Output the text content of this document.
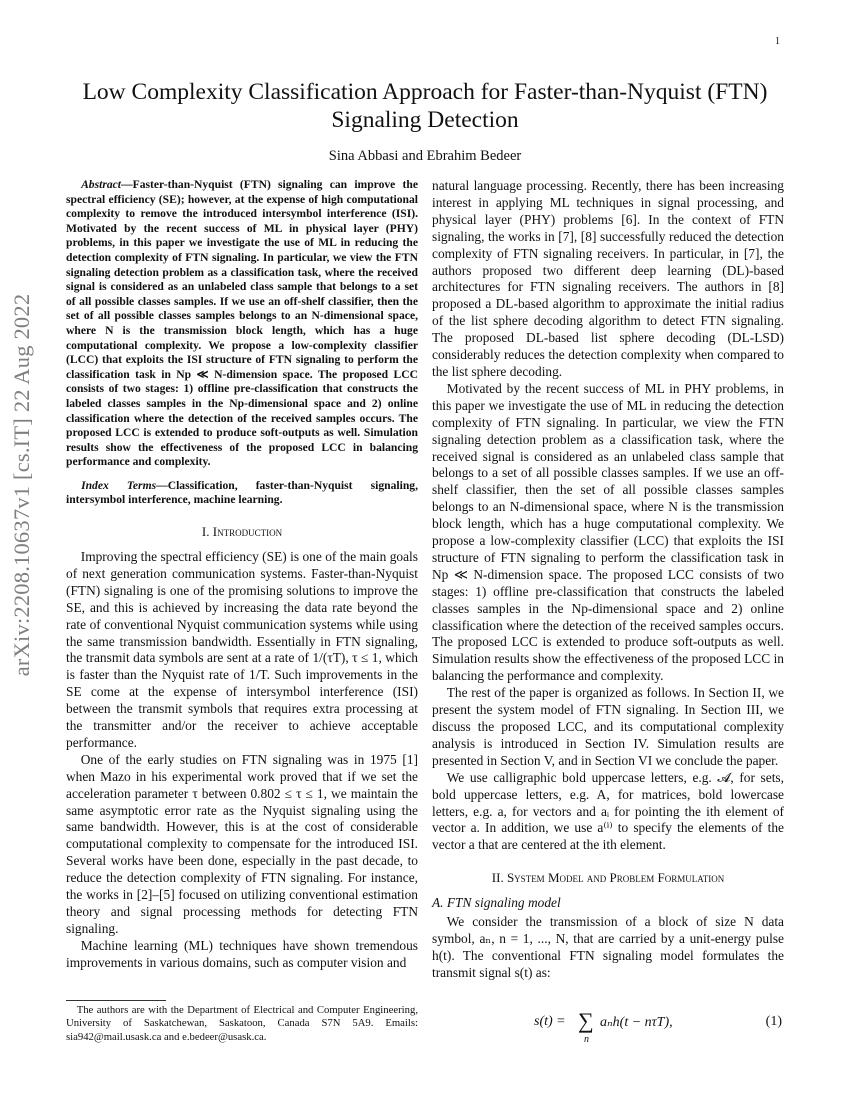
1
arXiv:2208.10637v1 [cs.IT] 22 Aug 2022
Low Complexity Classification Approach for Faster-than-Nyquist (FTN)
Signaling Detection
Sina Abbasi and Ebrahim Bedeer

Abstract—Faster-than-Nyquist (FTN) signaling can improve the spectral efficiency (SE); however, at the expense of high computational complexity to remove the introduced intersymbol interference (ISI). Motivated by the recent success of ML in physical layer (PHY) problems, in this paper we investigate the use of ML in reducing the detection complexity of FTN signaling. In particular, we view the FTN signaling detection problem as a classification task, where the received signal is considered as an unlabeled class sample that belongs to a set of all possible classes samples. If we use an off-shelf classifier, then the set of all possible classes samples belongs to an N-dimensional space, where N is the transmission block length, which has a huge computational complexity. We propose a low-complexity classifier (LCC) that exploits the ISI structure of FTN signaling to perform the classification task in Np ≪ N-dimension space. The proposed LCC consists of two stages: 1) offline pre-classification that constructs the labeled classes samples in the Np-dimensional space and 2) online classification where the detection of the received samples occurs. The proposed LCC is extended to produce soft-outputs as well. Simulation results show the effectiveness of the proposed LCC in balancing performance and complexity.

Index Terms—Classification, faster-than-Nyquist signaling, intersymbol interference, machine learning.

I. Introduction

Improving the spectral efficiency (SE) is one of the main goals of next generation communication systems. Faster-than-Nyquist (FTN) signaling is one of the promising solutions to improve the SE, and this is achieved by increasing the data rate beyond the rate of conventional Nyquist communication systems while using the same transmission bandwidth. Essentially in FTN signaling, the transmit data symbols are sent at a rate of 1/(τT), τ ≤ 1, which is faster than the Nyquist rate of 1/T. Such improvements in the SE come at the expense of intersymbol interference (ISI) between the transmit symbols that requires extra processing at the transmitter and/or the receiver to achieve acceptable performance.

One of the early studies on FTN signaling was in 1975 [1] when Mazo in his experimental work proved that if we set the acceleration parameter τ between 0.802 ≤ τ ≤ 1, we maintain the same asymptotic error rate as the Nyquist signaling using the same bandwidth. However, this is at the cost of considerable computational complexity to compensate for the introduced ISI. Several works have been done, especially in the past decade, to reduce the detection complexity of FTN signaling. For instance, the works in [2]–[5] focused on utilizing conventional estimation theory and signal processing methods for detecting FTN signaling.

Machine learning (ML) techniques have shown tremendous improvements in various domains, such as computer vision and

The authors are with the Department of Electrical and Computer Engineering, University of Saskatchewan, Saskatoon, Canada S7N 5A9. Emails: sia942@mail.usask.ca and e.bedeer@usask.ca.

natural language processing. Recently, there has been increasing interest in applying ML techniques in signal processing, and physical layer (PHY) problems [6]. In the context of FTN signaling, the works in [7], [8] successfully reduced the detection complexity of FTN signaling receivers. In particular, in [7], the authors proposed two different deep learning (DL)-based architectures for FTN signaling receivers. The authors in [8] proposed a DL-based algorithm to approximate the initial radius of the list sphere decoding algorithm to detect FTN signaling. The proposed DL-based list sphere decoding (DL-LSD) considerably reduces the detection complexity when compared to the list sphere decoding.

Motivated by the recent success of ML in PHY problems, in this paper we investigate the use of ML in reducing the detection complexity of FTN signaling. In particular, we view the FTN signaling detection problem as a classification task, where the received signal is considered as an unlabeled class sample that belongs to a set of all possible classes samples. If we use an off-shelf classifier, then the set of all possible classes samples belongs to an N-dimensional space, where N is the transmission block length, which has a huge computational complexity. We propose a low-complexity classifier (LCC) that exploits the ISI structure of FTN signaling to perform the classification task in Np ≪ N-dimension space. The proposed LCC consists of two stages: 1) offline pre-classification that constructs the labeled classes samples in the Np-dimensional space and 2) online classification where the detection of the received samples occurs. The proposed LCC is extended to produce soft-outputs as well. Simulation results show the effectiveness of the proposed LCC in balancing the performance and complexity.

The rest of the paper is organized as follows. In Section II, we present the system model of FTN signaling. In Section III, we discuss the proposed LCC, and its computational complexity analysis is introduced in Section IV. Simulation results are presented in Section V, and in Section VI we conclude the paper.

We use calligraphic bold uppercase letters, e.g. 𝓐, for sets, bold uppercase letters, e.g. A, for matrices, bold lowercase letters, e.g. a, for vectors and aᵢ for pointing the ith element of vector a. In addition, we use a⁽ⁱ⁾ to specify the elements of the vector a that are centered at the ith element.

II. System Model and Problem Formulation
A. FTN signaling model

We consider the transmission of a block of size N data symbol, aₙ, n = 1, ..., N, that are carried by a unit-energy pulse h(t). The conventional FTN signaling model formulates the transmit signal s(t) as:

s(t) = ∑
n
aₙh(t − nτT),	(1)
